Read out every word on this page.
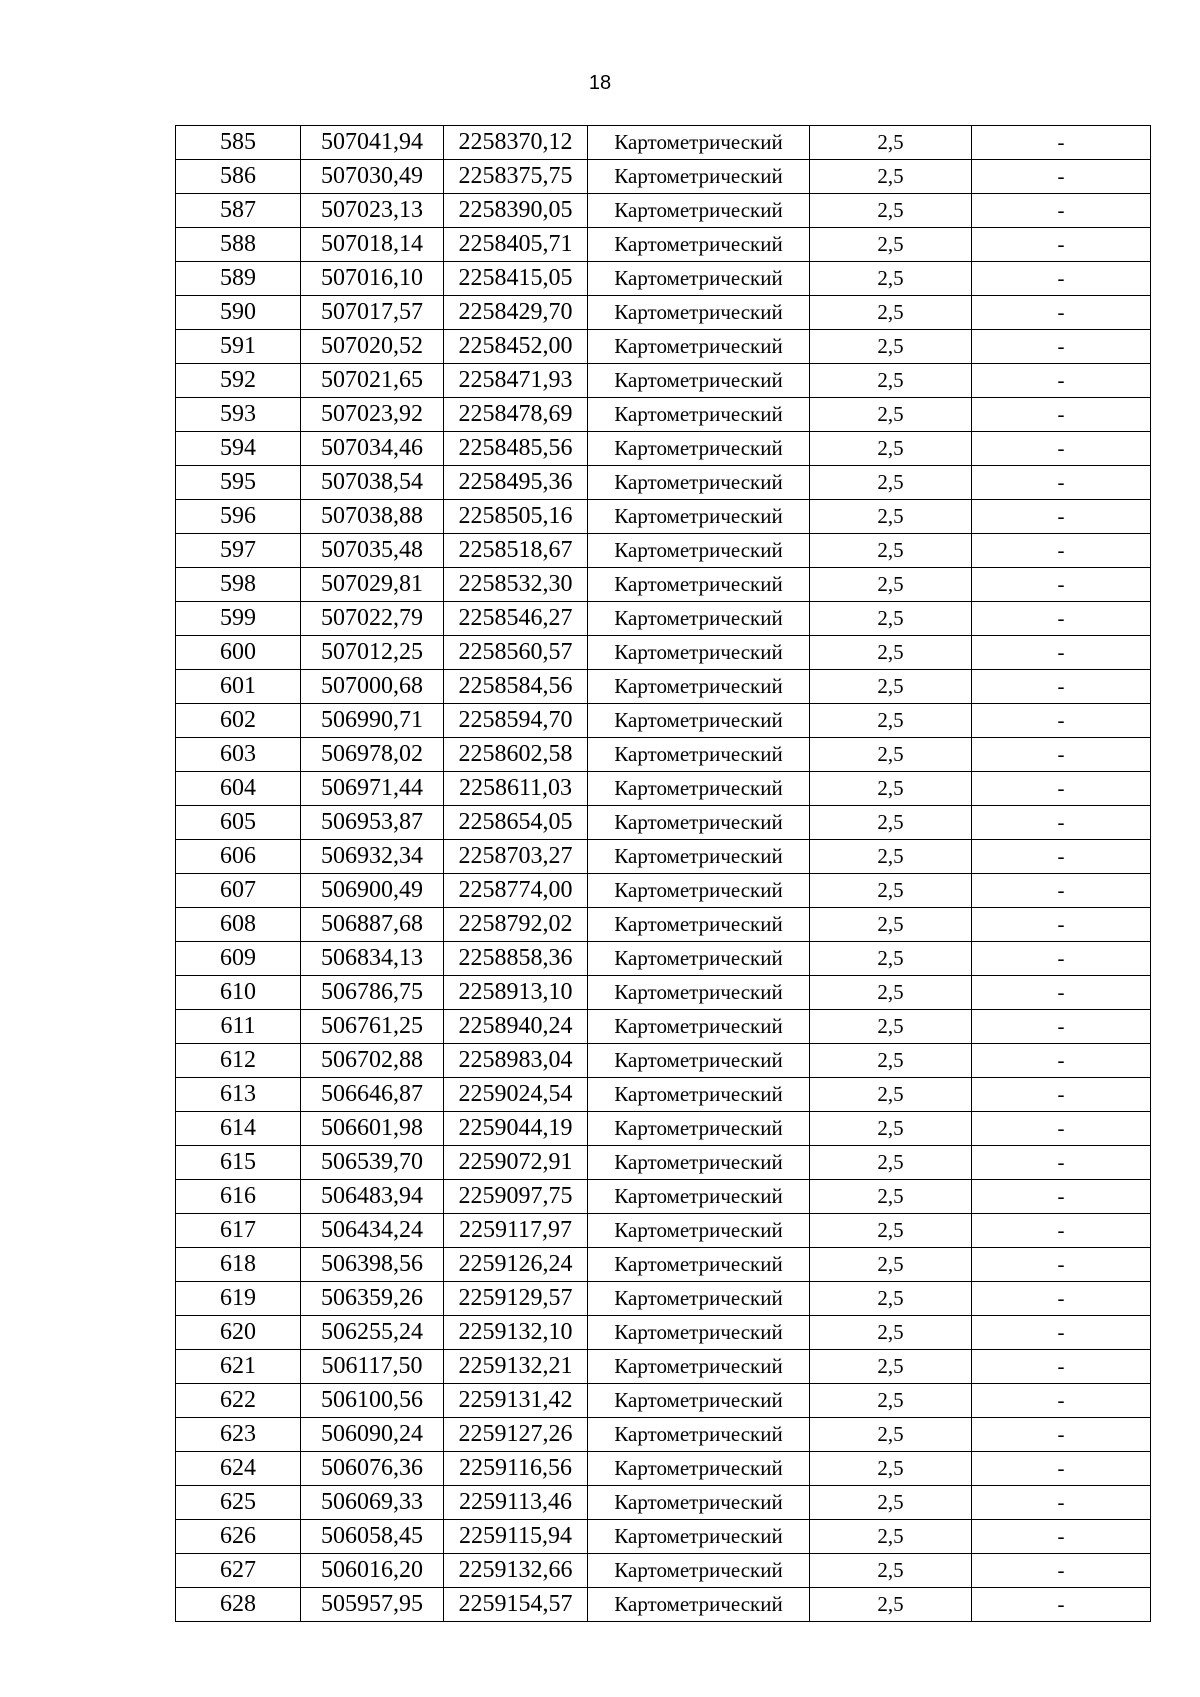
18
585	507041,94	2258370,12	Картометрический	2,5	-
586	507030,49	2258375,75	Картометрический	2,5	-
587	507023,13	2258390,05	Картометрический	2,5	-
588	507018,14	2258405,71	Картометрический	2,5	-
589	507016,10	2258415,05	Картометрический	2,5	-
590	507017,57	2258429,70	Картометрический	2,5	-
591	507020,52	2258452,00	Картометрический	2,5	-
592	507021,65	2258471,93	Картометрический	2,5	-
593	507023,92	2258478,69	Картометрический	2,5	-
594	507034,46	2258485,56	Картометрический	2,5	-
595	507038,54	2258495,36	Картометрический	2,5	-
596	507038,88	2258505,16	Картометрический	2,5	-
597	507035,48	2258518,67	Картометрический	2,5	-
598	507029,81	2258532,30	Картометрический	2,5	-
599	507022,79	2258546,27	Картометрический	2,5	-
600	507012,25	2258560,57	Картометрический	2,5	-
601	507000,68	2258584,56	Картометрический	2,5	-
602	506990,71	2258594,70	Картометрический	2,5	-
603	506978,02	2258602,58	Картометрический	2,5	-
604	506971,44	2258611,03	Картометрический	2,5	-
605	506953,87	2258654,05	Картометрический	2,5	-
606	506932,34	2258703,27	Картометрический	2,5	-
607	506900,49	2258774,00	Картометрический	2,5	-
608	506887,68	2258792,02	Картометрический	2,5	-
609	506834,13	2258858,36	Картометрический	2,5	-
610	506786,75	2258913,10	Картометрический	2,5	-
611	506761,25	2258940,24	Картометрический	2,5	-
612	506702,88	2258983,04	Картометрический	2,5	-
613	506646,87	2259024,54	Картометрический	2,5	-
614	506601,98	2259044,19	Картометрический	2,5	-
615	506539,70	2259072,91	Картометрический	2,5	-
616	506483,94	2259097,75	Картометрический	2,5	-
617	506434,24	2259117,97	Картометрический	2,5	-
618	506398,56	2259126,24	Картометрический	2,5	-
619	506359,26	2259129,57	Картометрический	2,5	-
620	506255,24	2259132,10	Картометрический	2,5	-
621	506117,50	2259132,21	Картометрический	2,5	-
622	506100,56	2259131,42	Картометрический	2,5	-
623	506090,24	2259127,26	Картометрический	2,5	-
624	506076,36	2259116,56	Картометрический	2,5	-
625	506069,33	2259113,46	Картометрический	2,5	-
626	506058,45	2259115,94	Картометрический	2,5	-
627	506016,20	2259132,66	Картометрический	2,5	-
628	505957,95	2259154,57	Картометрический	2,5	-
